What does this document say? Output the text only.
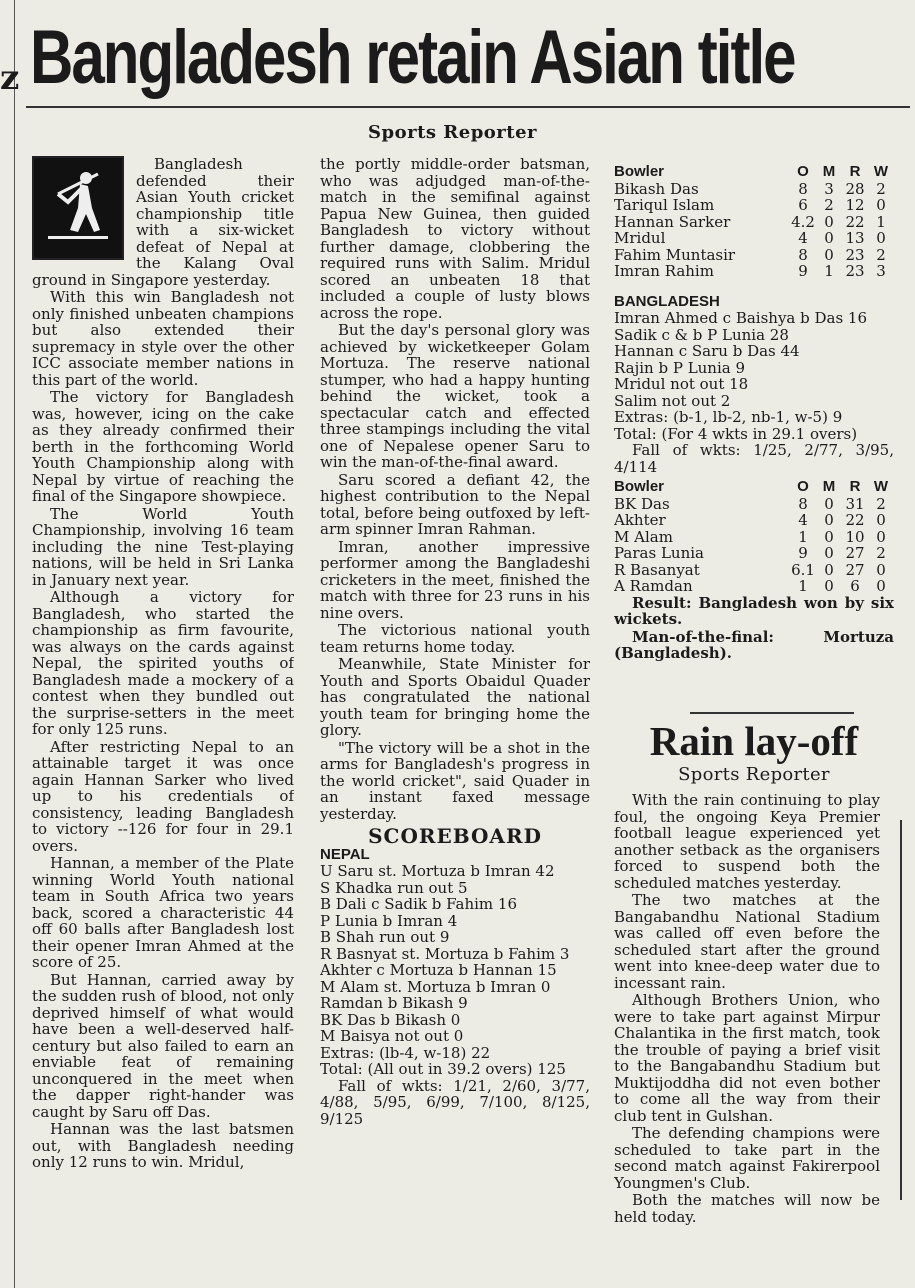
z Bangladesh retain Asian title
Sports Reporter

Bangladesh defended their Asian Youth cricket championship title with a six-wicket defeat of Nepal at the Kalang Oval ground in Singapore yesterday.

With this win Bangladesh not only finished unbeaten champions but also extended their supremacy in style over the other ICC associate member nations in this part of the world.

The victory for Bangladesh was, however, icing on the cake as they already confirmed their berth in the forthcoming World Youth Championship along with Nepal by virtue of reaching the final of the Singapore showpiece.

The World Youth Championship, involving 16 team including the nine Test-playing nations, will be held in Sri Lanka in January next year.

Although a victory for Bangladesh, who started the championship as firm favourite, was always on the cards against Nepal, the spirited youths of Bangladesh made a mockery of a contest when they bundled out the surprise-setters in the meet for only 125 runs.

After restricting Nepal to an attainable target it was once again Hannan Sarker who lived up to his credentials of consistency, leading Bangladesh to victory --126 for four in 29.1 overs.

Hannan, a member of the Plate winning World Youth national team in South Africa two years back, scored a characteristic 44 off 60 balls after Bangladesh lost their opener Imran Ahmed at the score of 25.

But Hannan, carried away by the sudden rush of blood, not only deprived himself of what would have been a well-deserved half-century but also failed to earn an enviable feat of remaining unconquered in the meet when the dapper right-hander was caught by Saru off Das.

Hannan was the last batsmen out, with Bangladesh needing only 12 runs to win. Mridul,

the portly middle-order batsman, who was adjudged man-of-the-match in the semifinal against Papua New Guinea, then guided Bangladesh to victory without further damage, clobbering the required runs with Salim. Mridul scored an unbeaten 18 that included a couple of lusty blows across the rope.

But the day's personal glory was achieved by wicketkeeper Golam Mortuza. The reserve national stumper, who had a happy hunting behind the wicket, took a spectacular catch and effected three stampings including the vital one of Nepalese opener Saru to win the man-of-the-final award.

Saru scored a defiant 42, the highest contribution to the Nepal total, before being outfoxed by left-arm spinner Imran Rahman.

Imran, another impressive performer among the Bangladeshi cricketers in the meet, finished the match with three for 23 runs in his nine overs.

The victorious national youth team returns home today.

Meanwhile, State Minister for Youth and Sports Obaidul Quader has congratulated the national youth team for bringing home the glory.

"The victory will be a shot in the arms for Bangladesh's progress in the world cricket", said Quader in an instant faxed message yesterday.

SCOREBOARD
NEPAL
U Saru st. Mortuza b Imran 42
S Khadka run out 5
B Dali c Sadik b Fahim 16
P Lunia b Imran 4
B Shah run out 9
R Basnyat st. Mortuza b Fahim 3
Akhter c Mortuza b Hannan 15
M Alam st. Mortuza b Imran 0
Ramdan b Bikash 9
BK Das b Bikash 0
M Baisya not out 0
Extras: (lb-4, w-18) 22
Total: (All out in 39.2 overs) 125

Fall of wkts: 1/21, 2/60, 3/77, 4/88, 5/95, 6/99, 7/100, 8/125, 9/125

Bowler	O	M	R	W
Bikash Das	8	3	28	2
Tariqul Islam	6	2	12	0
Hannan Sarker	4.2	0	22	1
Mridul	4	0	13	0
Fahim Muntasir	8	0	23	2
Imran Rahim	9	1	23	3
BANGLADESH
Imran Ahmed c Baishya b Das 16
Sadik c & b P Lunia 28
Hannan c Saru b Das 44
Rajin b P Lunia 9
Mridul not out 18
Salim not out 2
Extras: (b-1, lb-2, nb-1, w-5) 9
Total: (For 4 wkts in 29.1 overs)

Fall of wkts: 1/25, 2/77, 3/95, 4/114

Bowler	O	M	R	W
BK Das	8	0	31	2
Akhter	4	0	22	0
M Alam	1	0	10	0
Paras Lunia	9	0	27	2
R Basanyat	6.1	0	27	0
A Ramdan	1	0	6	0

Result: Bangladesh won by six wickets.

Man-of-the-final: Mortuza (Bangladesh).

Rain lay-off
Sports Reporter

With the rain continuing to play foul, the ongoing Keya Premier football league experienced yet another setback as the organisers forced to suspend both the scheduled matches yesterday.

The two matches at the Bangabandhu National Stadium was called off even before the scheduled start after the ground went into knee-deep water due to incessant rain.

Although Brothers Union, who were to take part against Mirpur Chalantika in the first match, took the trouble of paying a brief visit to the Bangabandhu Stadium but Muktijoddha did not even bother to come all the way from their club tent in Gulshan.

The defending champions were scheduled to take part in the second match against Fakirerpool Youngmen's Club.

Both the matches will now be held today.
